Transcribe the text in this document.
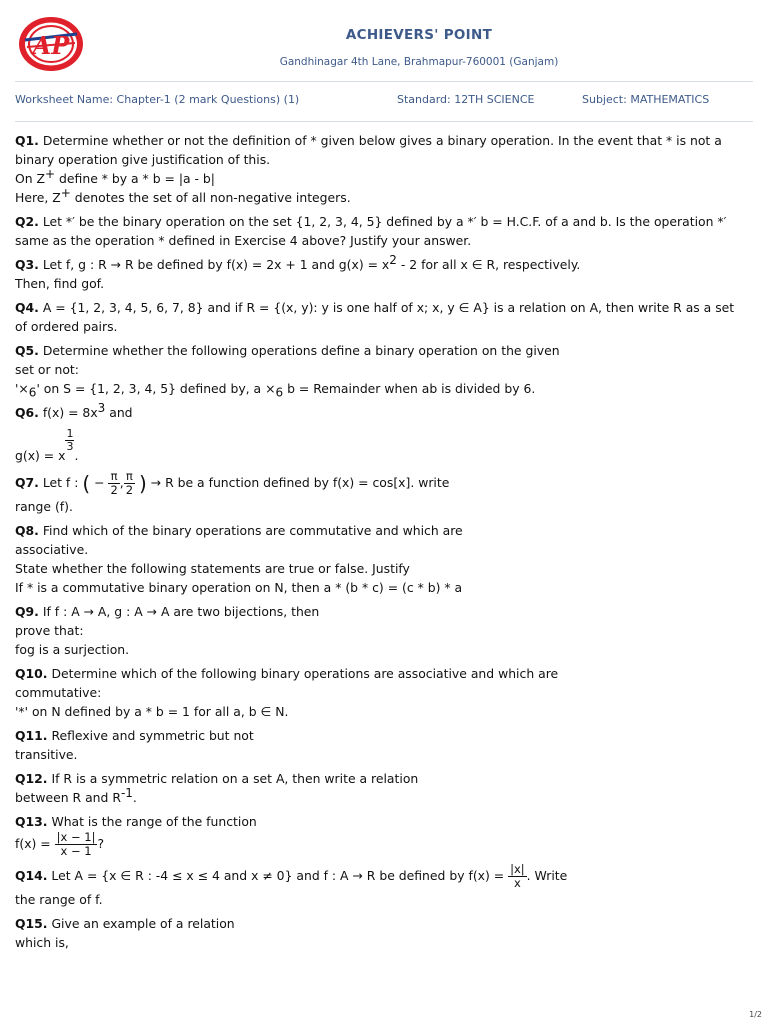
AP	ACHIEVERS' POINT
Gandhinagar 4th Lane, Brahmapur-760001 (Ganjam)
Worksheet Name: Chapter-1 (2 mark Questions) (1)	Standard: 12TH SCIENCE	Subject: MATHEMATICS
Q1. Determine whether or not the definition of * given below gives a binary operation. In the event that * is not a binary operation give justification of this.
On Z+ define * by a * b = |a - b|
Here, Z+ denotes the set of all non-negative integers.
Q2. Let *′ be the binary operation on the set {1, 2, 3, 4, 5} defined by a *′ b = H.C.F. of a and b. Is the operation *′ same as the operation * defined in Exercise 4 above? Justify your answer.
Q3. Let f, g : R → R be defined by f(x) = 2x + 1 and g(x) = x2 - 2 for all x ∈ R, respectively.
Then, find gof.
Q4. A = {1, 2, 3, 4, 5, 6, 7, 8} and if R = {(x, y): y is one half of x; x, y ∈ A} is a relation on A, then write R as a set of ordered pairs.
Q5. Determine whether the following operations define a binary operation on the given
set or not:
'×6' on S = {1, 2, 3, 4, 5} defined by, a ×6 b = Remainder when ab is divided by 6.
Q6. f(x) = 8x3 and

g(x) = x
$\frac{1}{3}$
.
Q7. Let f : ( − $\frac{\pi}{2}$ , $\frac{\pi}{2}$ ) → R be a function defined by f(x) = cos[x]. write
range (f).
Q8. Find which of the binary operations are commutative and which are
associative.
State whether the following statements are true or false. Justify
If * is a commutative binary operation on N, then a * (b * c) = (c * b) * a
Q9. If f : A → A, g : A → A are two bijections, then
prove that:
fog is a surjection.
Q10. Determine which of the following binary operations are associative and which are
commutative:
'*' on N defined by a * b = 1 for all a, b ∈ N.
Q11. Reflexive and symmetric but not
transitive.
Q12. If R is a symmetric relation on a set A, then write a relation
between R and R-1.
Q13. What is the range of the function
$f(x) = \frac{|x - 1|}{x - 1}$ ?
Q14. Let A = {x ∈ R : -4 ≤ x ≤ 4 and x ≠ 0} and f : A → R be defined by $f(x) = \frac{|x|}{x}$ . Write
the range of f.
Q15. Give an example of a relation
which is,
1/2
